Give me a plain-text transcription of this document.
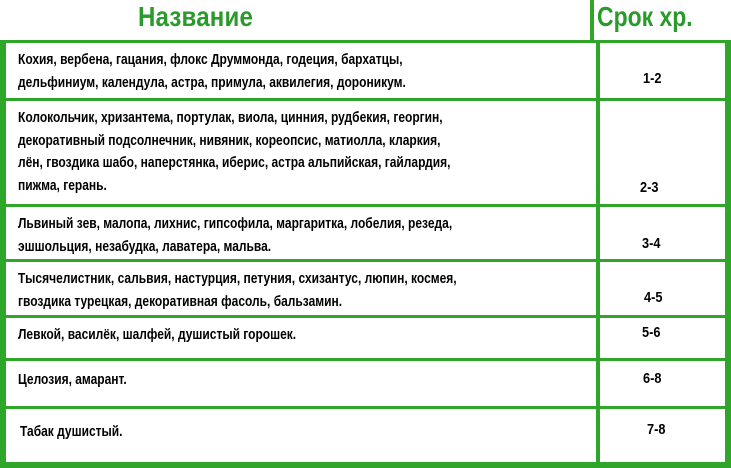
Название	Срок хр.
Кохия, вербена, гацания, флокс Друммонда, годеция, бархатцы,
дельфиниум, календула, астра, примула, аквилегия, дороникум.	1-2
Колокольчик, хризантема, портулак, виола, цинния, рудбекия, георгин,
декоративный подсолнечник, нивяник, кореопсис, матиолла, кларкия,
лён, гвоздика шабо, наперстянка, иберис, астра альпийская, гайлардия,
пижма, герань.	2-3
Львиный зев, малопа, лихнис, гипсофила, маргаритка, лобелия, резеда,
эшшольция, незабудка, лаватера, мальва.	3-4
Тысячелистник, сальвия, настурция, петуния, схизантус, люпин, космея,
гвоздика турецкая, декоративная фасоль, бальзамин.	4-5
Левкой, василёк, шалфей, душистый горошек.	5-6
Целозия, амарант.	6-8
Табак душистый.	7-8
